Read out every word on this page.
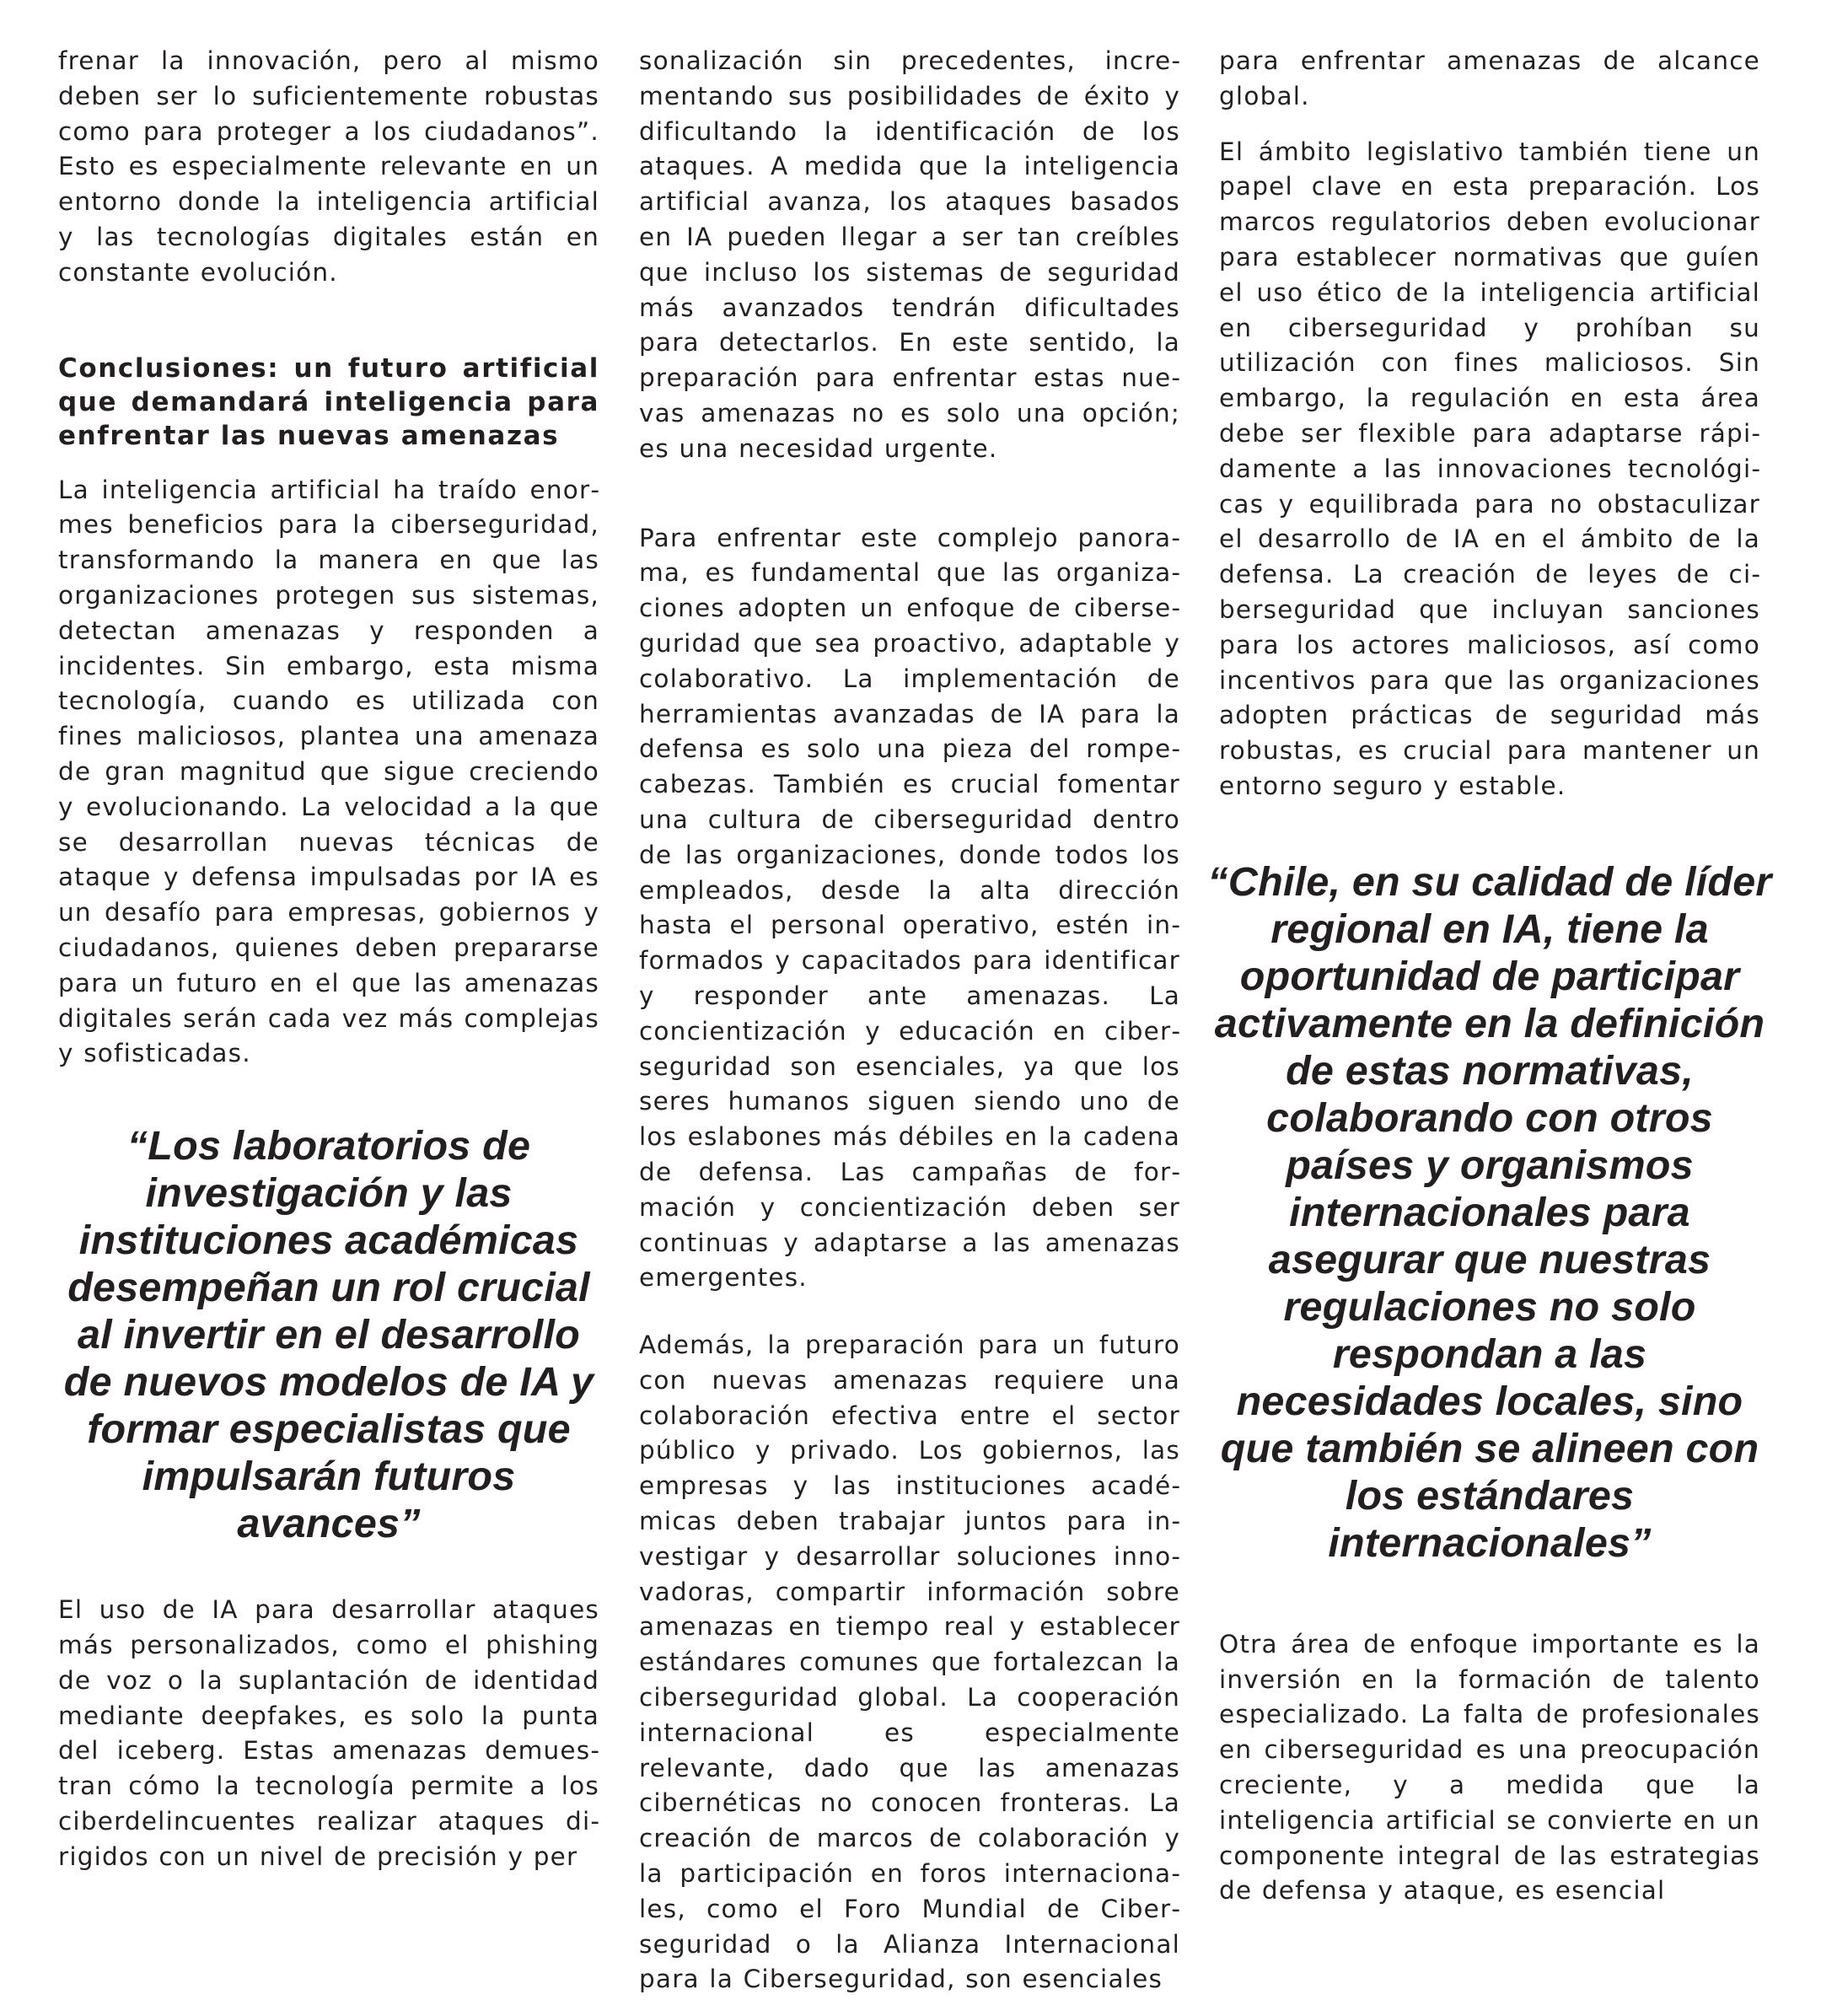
frenar la innovación, pero al mismo deben ser lo suficientemente robustas como para proteger a los ciudadanos”. Esto es especialmente relevante en un entorno donde la inteligencia artificial y las tecnologías digitales están en constante evolución.

Conclusiones: un futuro artificial que demandará inteligencia para enfrentar las nuevas amenazas

La inteligencia artificial ha traído enormes beneficios para la ciberseguridad, transformando la manera en que las organizaciones protegen sus sistemas, detectan amenazas y responden a incidentes. Sin embargo, esta misma tecnología, cuando es utilizada con fines maliciosos, plantea una amenaza de gran magnitud que sigue creciendo y evolucionando. La velocidad a la que se desarrollan nuevas técnicas de ataque y defensa impulsadas por IA es un desafío para empresas, gobiernos y ciudadanos, quienes deben prepararse para un futuro en el que las amenazas digitales serán cada vez más complejas y sofisticadas.

“Los laboratorios de investigación y las instituciones académicas desempeñan un rol crucial al invertir en el desarrollo de nuevos modelos de IA y formar especialistas que impulsarán futuros avances”

El uso de IA para desarrollar ataques más personalizados, como el phishing de voz o la suplantación de identidad mediante deepfakes, es solo la punta del iceberg. Estas amenazas demuestran cómo la tecnología permite a los ciberdelincuentes realizar ataques dirigidos con un nivel de precisión y per

sonalización sin precedentes, incrementando sus posibilidades de éxito y dificultando la identificación de los ataques. A medida que la inteligencia artificial avanza, los ataques basados en IA pueden llegar a ser tan creíbles que incluso los sistemas de seguridad más avanzados tendrán dificultades para detectarlos. En este sentido, la preparación para enfrentar estas nuevas amenazas no es solo una opción; es una necesidad urgente.

Para enfrentar este complejo panorama, es fundamental que las organizaciones adopten un enfoque de ciberseguridad que sea proactivo, adaptable y colaborativo. La implementación de herramientas avanzadas de IA para la defensa es solo una pieza del rompecabezas. También es crucial fomentar una cultura de ciberseguridad dentro de las organizaciones, donde todos los empleados, desde la alta dirección hasta el personal operativo, estén informados y capacitados para identificar y responder ante amenazas. La concientización y educación en ciberseguridad son esenciales, ya que los seres humanos siguen siendo uno de los eslabones más débiles en la cadena de defensa. Las campañas de formación y concientización deben ser continuas y adaptarse a las amenazas emergentes.

Además, la preparación para un futuro con nuevas amenazas requiere una colaboración efectiva entre el sector público y privado. Los gobiernos, las empresas y las instituciones académicas deben trabajar juntos para investigar y desarrollar soluciones innovadoras, compartir información sobre amenazas en tiempo real y establecer estándares comunes que fortalezcan la ciberseguridad global. La cooperación internacional es especialmente relevante, dado que las amenazas cibernéticas no conocen fronteras. La creación de marcos de colaboración y la participación en foros internacionales, como el Foro Mundial de Ciberseguridad o la Alianza Internacional para la Ciberseguridad, son esenciales

para enfrentar amenazas de alcance global.

El ámbito legislativo también tiene un papel clave en esta preparación. Los marcos regulatorios deben evolucionar para establecer normativas que guíen el uso ético de la inteligencia artificial en ciberseguridad y prohíban su utilización con fines maliciosos. Sin embargo, la regulación en esta área debe ser flexible para adaptarse rápidamente a las innovaciones tecnológicas y equilibrada para no obstaculizar el desarrollo de IA en el ámbito de la defensa. La creación de leyes de ciberseguridad que incluyan sanciones para los actores maliciosos, así como incentivos para que las organizaciones adopten prácticas de seguridad más robustas, es crucial para mantener un entorno seguro y estable.

“Chile, en su calidad de líder regional en IA, tiene la oportunidad de participar activamente en la definición de estas normativas, colaborando con otros países y organismos internacionales para asegurar que nuestras regulaciones no solo respondan a las necesidades locales, sino que también se alineen con los estándares internacionales”

Otra área de enfoque importante es la inversión en la formación de talento especializado. La falta de profesionales en ciberseguridad es una preocupación creciente, y a medida que la inteligencia artificial se convierte en un componente integral de las estrategias de defensa y ataque, es esencial
